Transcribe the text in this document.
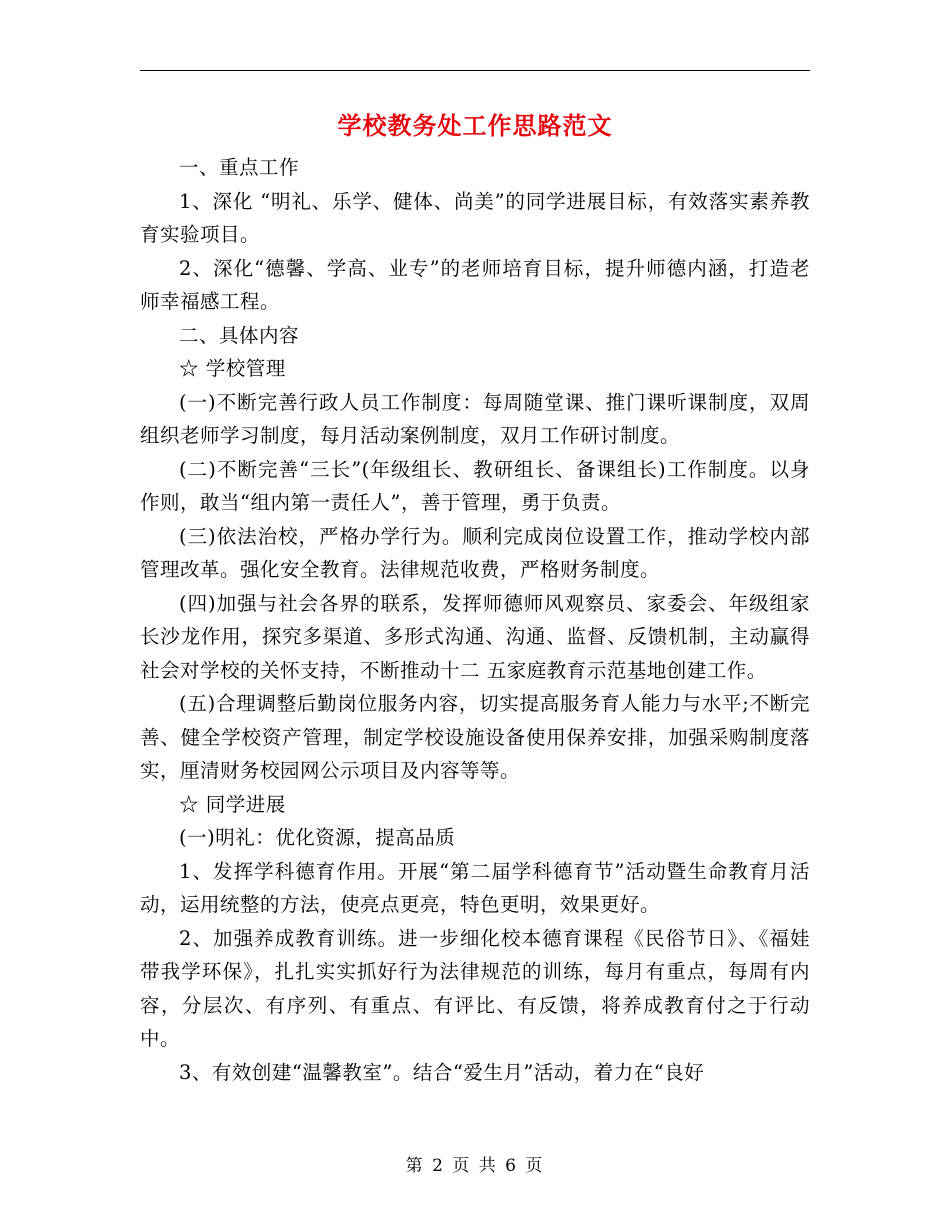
学校教务处工作思路范文

一、重点工作

1、深化 “明礼、乐学、健体、尚美”的同学进展目标，有效落实素养教育实验项目。

2、深化“德馨、学高、业专”的老师培育目标，提升师德内涵，打造老师幸福感工程。

二、具体内容

☆ 学校管理

(一)不断完善行政人员工作制度：每周随堂课、推门课听课制度，双周组织老师学习制度，每月活动案例制度，双月工作研讨制度。

(二)不断完善“三长”(年级组长、教研组长、备课组长)工作制度。以身作则，敢当“组内第一责任人”，善于管理，勇于负责。

(三)依法治校，严格办学行为。顺利完成岗位设置工作，推动学校内部管理改革。强化安全教育。法律规范收费，严格财务制度。

(四)加强与社会各界的联系，发挥师德师风观察员、家委会、年级组家长沙龙作用，探究多渠道、多形式沟通、沟通、监督、反馈机制，主动赢得社会对学校的关怀支持，不断推动十二 五家庭教育示范基地创建工作。

(五)合理调整后勤岗位服务内容，切实提高服务育人能力与水平;不断完善、健全学校资产管理，制定学校设施设备使用保养安排，加强采购制度落实，厘清财务校园网公示项目及内容等等。

☆ 同学进展

(一)明礼：优化资源，提高品质

1、发挥学科德育作用。开展“第二届学科德育节”活动暨生命教育月活动，运用统整的方法，使亮点更亮，特色更明，效果更好。

2、加强养成教育训练。进一步细化校本德育课程《民俗节日》、《福娃带我学环保》，扎扎实实抓好行为法律规范的训练，每月有重点，每周有内容，分层次、有序列、有重点、有评比、有反馈，将养成教育付之于行动中。

3、有效创建“温馨教室”。结合“爱生月”活动，着力在“良好

第 2 页 共 6 页
